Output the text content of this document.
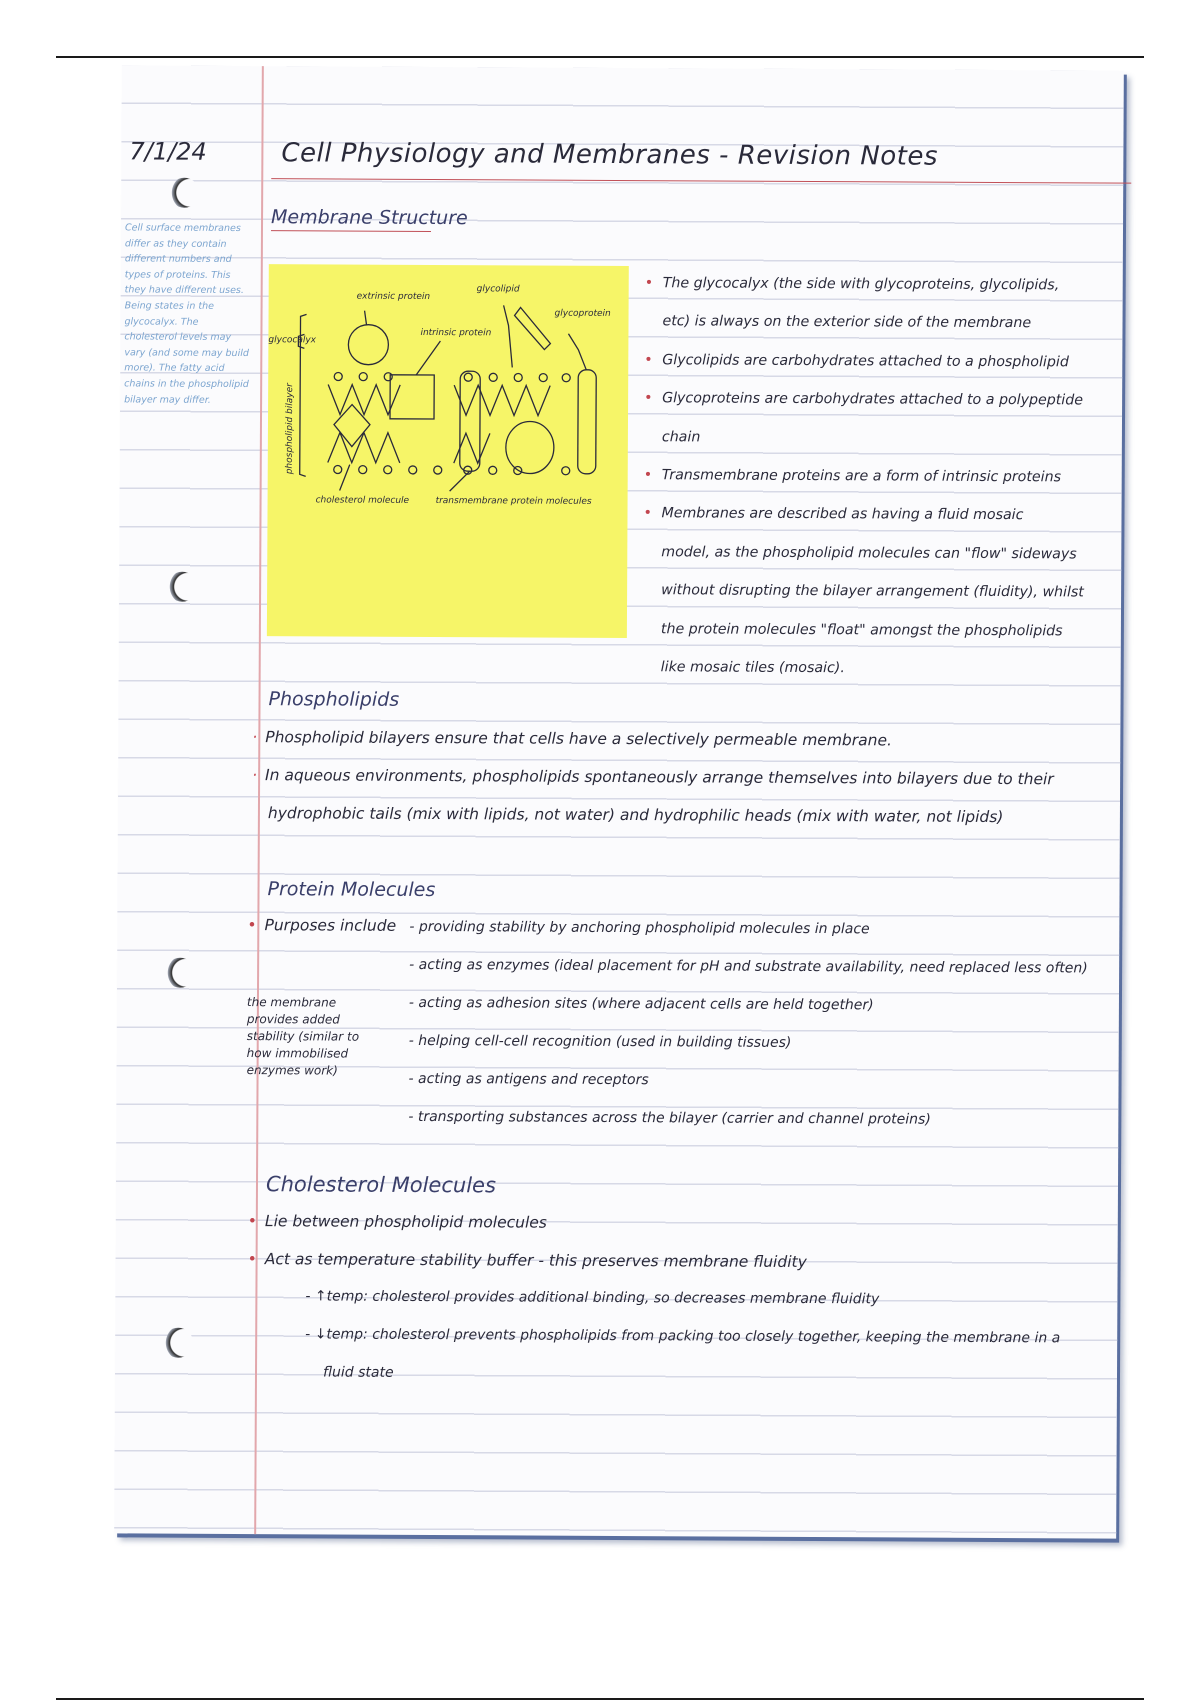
7/1/24	Cell Physiology and Membranes - Revision Notes
Membrane Structure
Cell surface membranes differ as they contain different numbers and types of proteins. This they have different uses. Being states in the glycocalyx. The cholesterol levels may vary (and some may build more). The fatty acid chains in the phospholipid bilayer may differ.
extrinsic protein
intrinsic protein
glycolipid
glycoprotein
glycocalyx
cholesterol molecule	transmembrane protein molecules
phospholipid bilayer
• The glycocalyx (the side with glycoproteins, glycolipids,
etc) is always on the exterior side of the membrane
• Glycolipids are carbohydrates attached to a phospholipid
• Glycoproteins are carbohydrates attached to a polypeptide chain
• Transmembrane proteins are a form of intrinsic proteins
• Membranes are described as having a fluid mosaic
model, as the phospholipid molecules can "flow" sideways
without disrupting the bilayer arrangement (fluidity), whilst
the protein molecules "float" amongst the phospholipids
like mosaic tiles (mosaic).
Phospholipids
· Phospholipid bilayers ensure that cells have a selectively permeable membrane.
· In aqueous environments, phospholipids spontaneously arrange themselves into bilayers due to their
hydrophobic tails (mix with lipids, not water) and hydrophilic heads (mix with water, not lipids)
Protein Molecules
• Purposes include - providing stability by anchoring phospholipid molecules in place
- acting as enzymes (ideal placement for pH and substrate availability, need replaced less often)
- acting as adhesion sites (where adjacent cells are held together)
- helping cell-cell recognition (used in building tissues)
- acting as antigens and receptors
- transporting substances across the bilayer (carrier and channel proteins)
the membrane provides added stability (similar to how immobilised enzymes work)
Cholesterol Molecules
• Lie between phospholipid molecules
• Act as temperature stability buffer - this preserves membrane fluidity
- ↑temp: cholesterol provides additional binding, so decreases membrane fluidity
- ↓temp: cholesterol prevents phospholipids from packing too closely together, keeping the membrane in a
fluid state
